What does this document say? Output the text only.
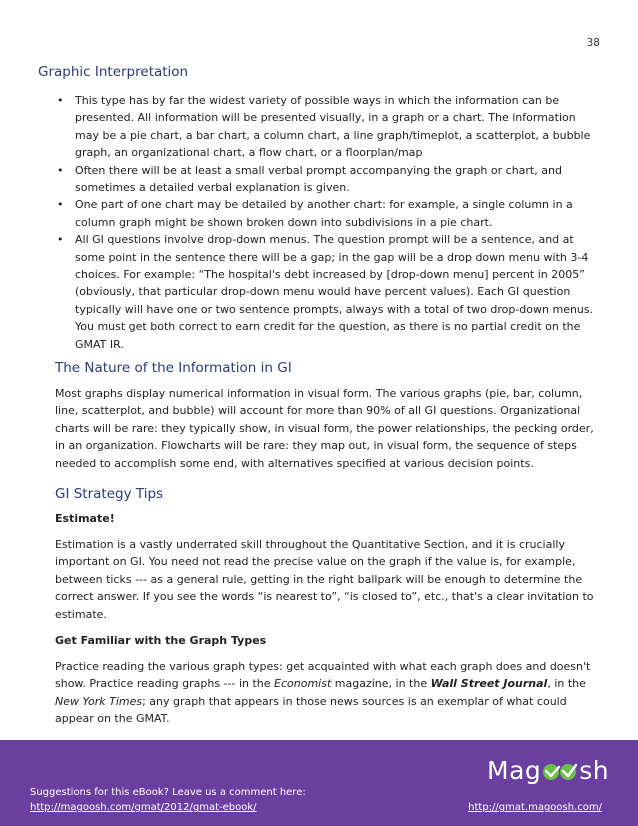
38
Graphic Interpretation
• This type has by far the widest variety of possible ways in which the information can be presented. All information will be presented visually, in a graph or a chart. The information may be a pie chart, a bar chart, a column chart, a line graph/timeplot, a scatterplot, a bubble graph, an organizational chart, a flow chart, or a floorplan/map
• Often there will be at least a small verbal prompt accompanying the graph or chart, and sometimes a detailed verbal explanation is given.
• One part of one chart may be detailed by another chart: for example, a single column in a column graph might be shown broken down into subdivisions in a pie chart.
• All GI questions involve drop-down menus. The question prompt will be a sentence, and at some point in the sentence there will be a gap; in the gap will be a drop down menu with 3-4 choices. For example: “The hospital's debt increased by [drop-down menu] percent in 2005” (obviously, that particular drop-down menu would have percent values). Each GI question typically will have one or two sentence prompts, always with a total of two drop-down menus. You must get both correct to earn credit for the question, as there is no partial credit on the GMAT IR.
The Nature of the Information in GI
Most graphs display numerical information in visual form. The various graphs (pie, bar, column, line, scatterplot, and bubble) will account for more than 90% of all GI questions. Organizational charts will be rare: they typically show, in visual form, the power relationships, the pecking order, in an organization. Flowcharts will be rare: they map out, in visual form, the sequence of steps needed to accomplish some end, with alternatives specified at various decision points.
GI Strategy Tips
Estimate!
Estimation is a vastly underrated skill throughout the Quantitative Section, and it is crucially important on GI. You need not read the precise value on the graph if the value is, for example, between ticks --- as a general rule, getting in the right ballpark will be enough to determine the correct answer. If you see the words “is nearest to”, “is closed to”, etc., that's a clear invitation to estimate.
Get Familiar with the Graph Types
Practice reading the various graph types: get acquainted with what each graph does and doesn't show. Practice reading graphs --- in the Economist magazine, in the Wall Street Journal, in the New York Times; any graph that appears in those news sources is an exemplar of what could appear on the GMAT.
Mag sh
Suggestions for this eBook? Leave us a comment here:
http://magoosh.com/gmat/2012/gmat-ebook/	http://gmat.magoosh.com/
